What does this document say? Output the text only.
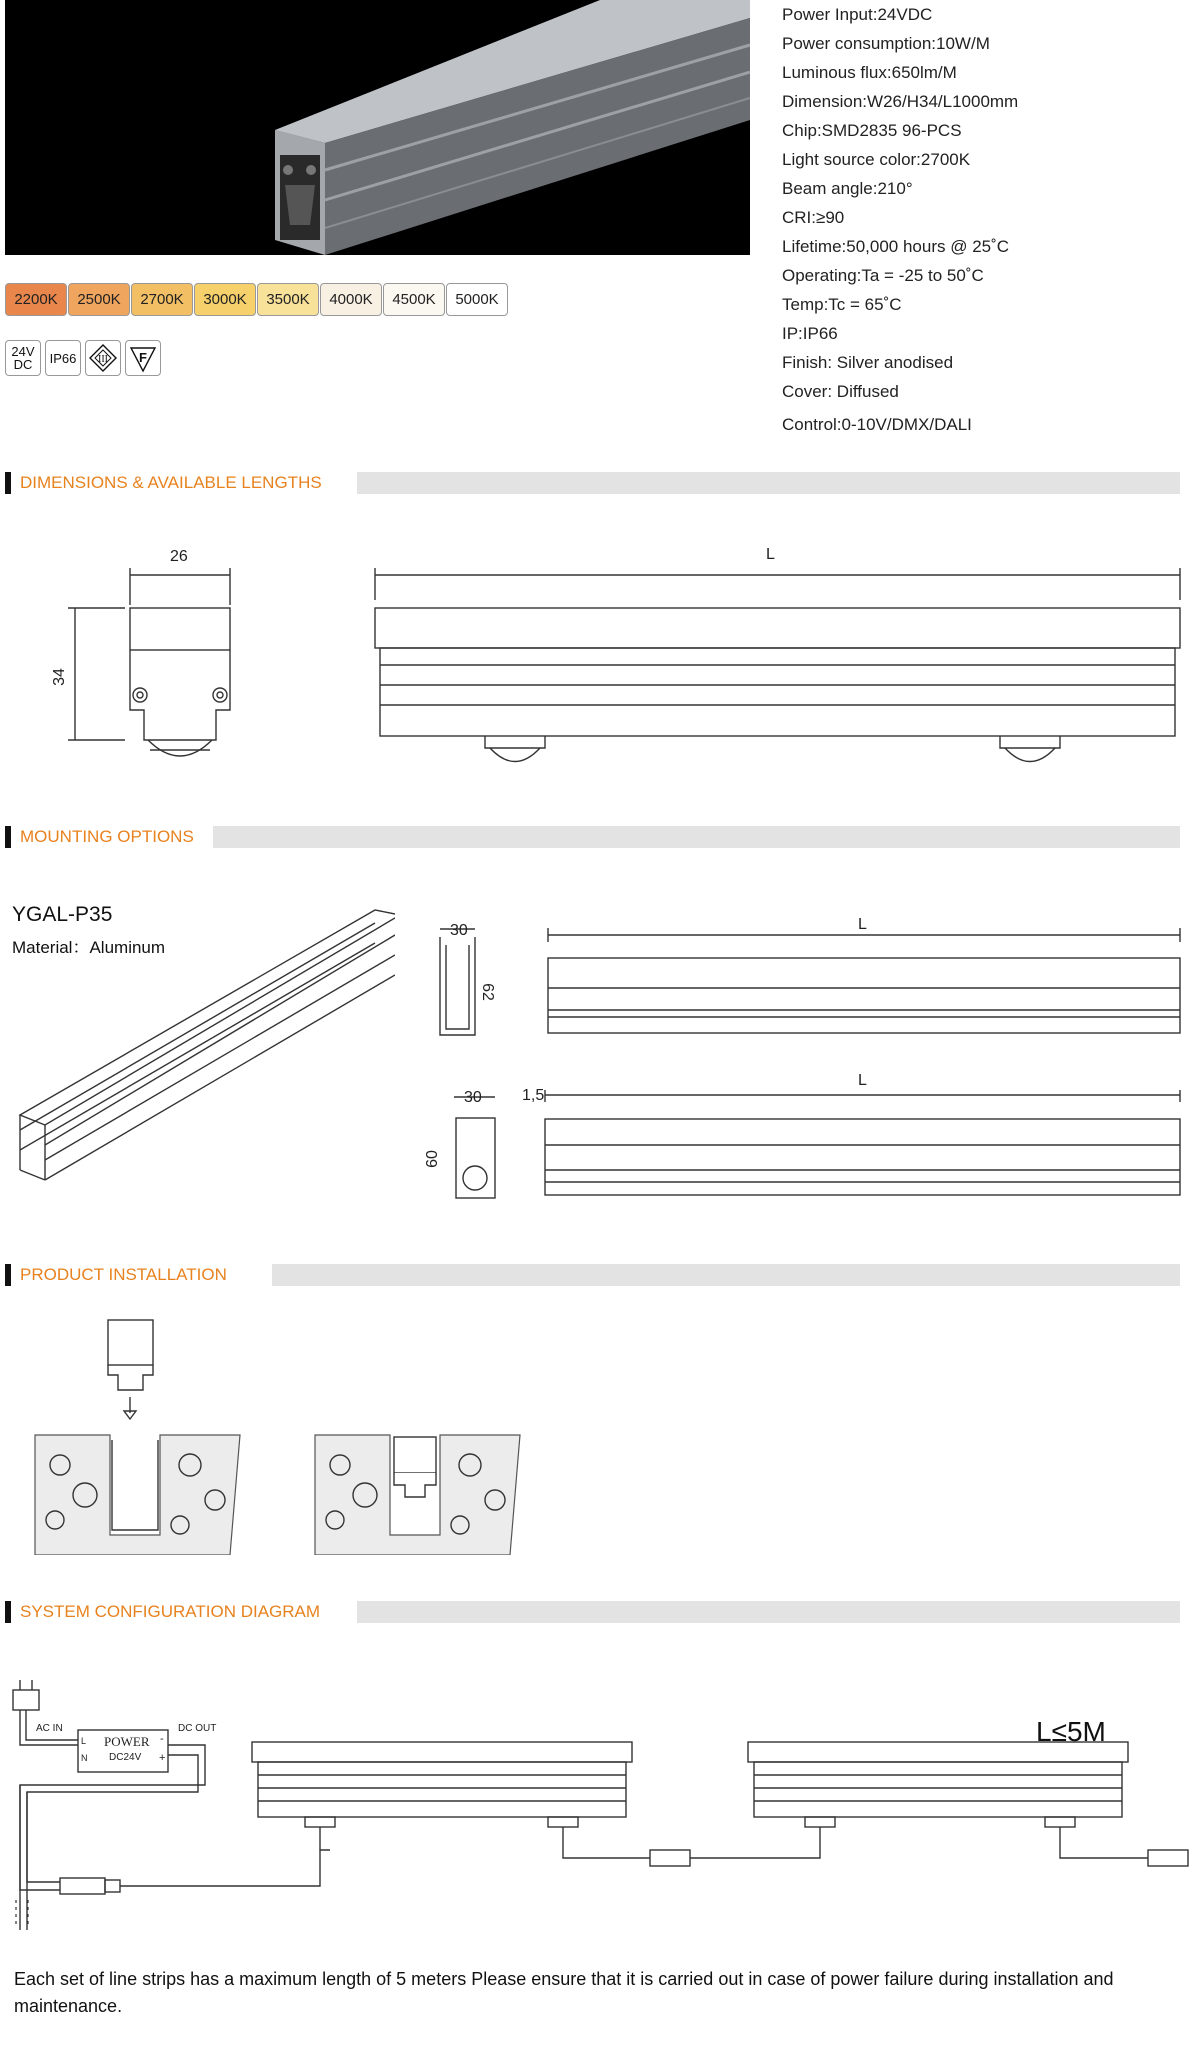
Power Input:24VDC
Power consumption:10W/M
Luminous flux:650lm/M
Dimension:W26/H34/L1000mm
Chip:SMD2835 96-PCS
Light source color:2700K
Beam angle:210°
CRI:≥90
Lifetime:50,000 hours @ 25˚C
Operating:Ta = -25 to 50˚C
Temp:Tc = 65˚C
IP:IP66
Finish: Silver anodised
Cover: Diffused
Control:0-10V/DMX/DALI
2200K	2500K	2700K	3000K	3500K	4000K	4500K	5000K
24V
DC	IP66	III F
DIMENSIONS & AVAILABLE LENGTHS
26
34
L
MOUNTING OPTIONS
YGAL-P35
Material：Aluminum
30
62
L
30
60
1,5
L
PRODUCT INSTALLATION
SYSTEM CONFIGURATION DIAGRAM
L≤5M
AC IN	DC OUT
POWER
DC24V
L
N
-
+
Each set of line strips has a maximum length of 5 meters Please ensure that it is carried out in case of power failure during installation and maintenance.
